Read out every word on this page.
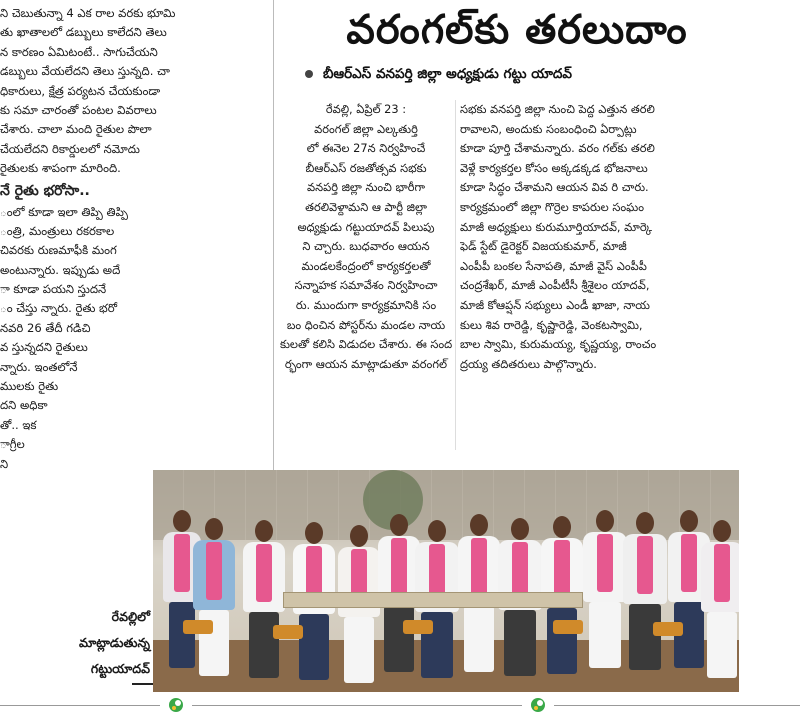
ని చెబుతున్నా 4 ఎక రాల వరకు భూమి
తు ఖాతాలలో డబ్బులు కాలేదని తెలు
న కారణం ఏమిటంటే.. సాగుచేయని
డబ్బులు వేయలేదని తెలు స్తున్నది. చా
ధికారులు, క్షేత్ర పర్యటన చేయకుండా
కు సమా చారంతో పంటల వివరాలు
చేశారు. చాలా మంది రైతుల పొలా
చేయలేదని రికార్డులలో నమోదు
రైతులకు శాపంగా మారింది.
నే రైతు భరోసా..
ంలో కూడా ఇలా తిప్పి తిప్పి
ంత్రి, మంత్రులు రకరకాల
చివరకు రుణమాఫీకి మంగ
అంటున్నారు. ఇప్పుడు అదే
ా కూడా పయని స్తుదనే
ం చేస్తు న్నారు. రైతు భరో
నవరి 26 తేదీ గడిచి
వ స్తున్నదని రైతులు
న్నారు. ఇంతలోనే
ములకు రైతు
దని అధికా
తో.. ఇక
ాగ్రీల
ని
రేవల్లిలో
మాట్లాడుతున్న
గట్టుయాదవ్
వరంగల్‌కు తరలుదాం
బీఆర్ఎస్ వనపర్తి జిల్లా అధ్యక్షుడు గట్టు యాదవ్
రేవల్లి, ఏప్రిల్ 23 :
వరంగల్ జిల్లా ఎల్కతుర్తి
లో ఈనెల 27న నిర్వహించే
బీఆర్ఎస్ రజతోత్సవ సభకు
వనపర్తి జిల్లా నుంచి భారీగా
తరలివెళ్దామని ఆ పార్టీ జిల్లా
అధ్యక్షుడు గట్టుయాదవ్ పిలుపు
ని చ్చారు. బుధవారం ఆయన
మండలకేంద్రంలో కార్యకర్తలతో
సన్నాహక సమావేశం నిర్వహించా
రు. ముందుగా కార్యక్రమానికి సం
బం ధించిన పోస్టర్‌ను మండల నాయ
కులతో కలిసి విడుదల చేశారు. ఈ సంద
ర్భంగా ఆయన మాట్లాడుతూ వరంగల్
సభకు వనపర్తి జిల్లా నుంచి పెద్ద ఎత్తున తరలి
రావాలని, అందుకు సంబంధించి ఏర్పాట్లు
కూడా పూర్తి చేశామన్నారు. వరం గల్‌కు తరలి
వెళ్లే కార్యకర్తల కోసం అక్కడక్కడ భోజనాలు
కూడా సిద్ధం చేశామని ఆయన వివ రి చారు.
కార్యక్రమంలో జిల్లా గొర్రెల కాపరుల సంఘం
మాజీ అధ్యక్షులు కురుమూర్తియాదవ్, మార్కె
ఫెడ్ స్టేట్ డైరెక్టర్ విజయకుమార్, మాజీ
ఎంపీపీ బంకల సేనాపతి, మాజీ వైస్ ఎంపీపీ
చంద్రశేఖర్, మాజీ ఎంపీటీసీ శ్రీశైలం యాదవ్,
మాజీ కోఆప్షన్ సభ్యులు ఎండీ ఖాజా, నాయ
కులు శివ రారెడ్డి, కృష్ణారెడ్డి, వెంకటస్వామి,
బాల స్వామి, కురుమయ్య, కృష్ణయ్య, రాంచం
ద్రయ్య తదితరులు పాల్గొన్నారు.
